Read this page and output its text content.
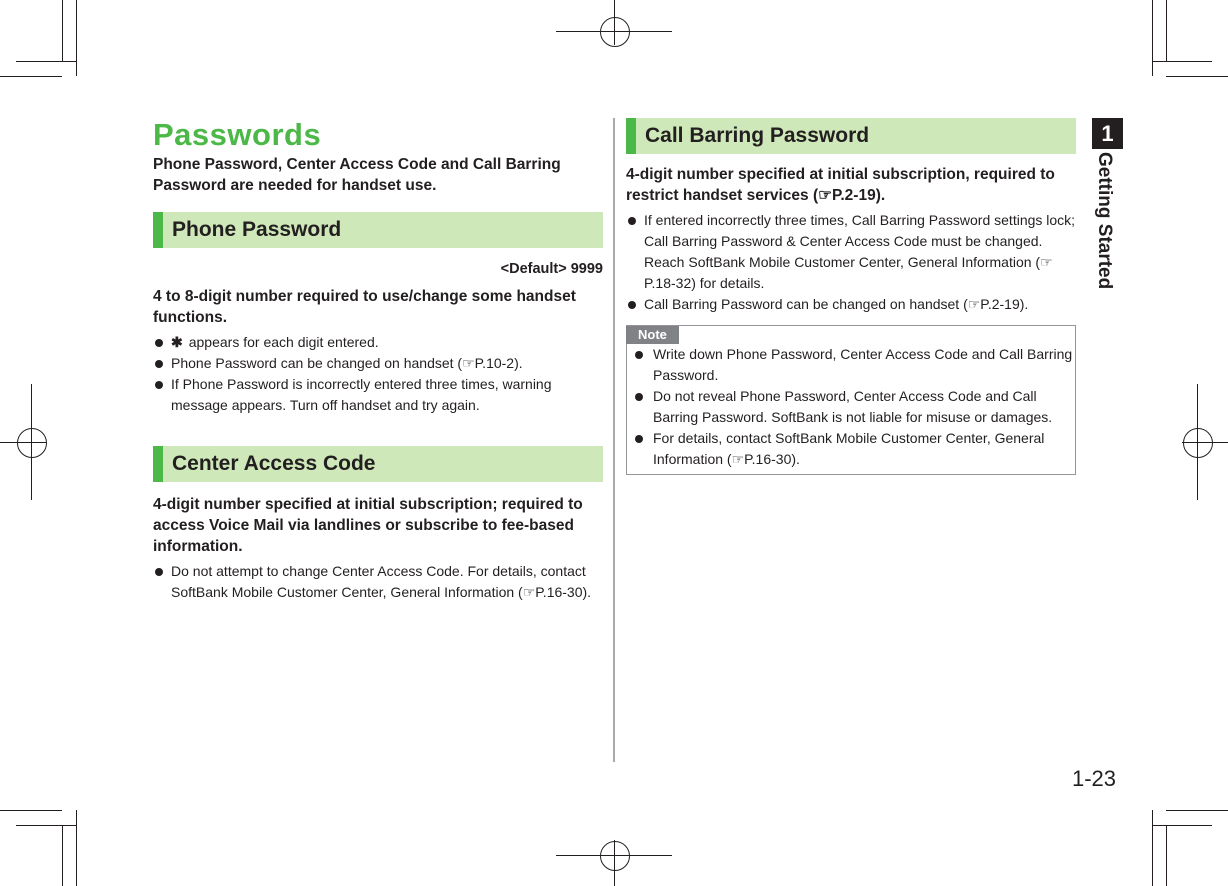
Passwords

Phone Password, Center Access Code and Call Barring Password are needed for handset use.

Phone Password
<Default> 9999

4 to 8-digit number required to use/change some handset functions.

✱ appears for each digit entered.
Phone Password can be changed on handset (☞P.10-2).
If Phone Password is incorrectly entered three times, warning message appears. Turn off handset and try again.
Center Access Code

4-digit number specified at initial subscription; required to access Voice Mail via landlines or subscribe to fee-based information.

Do not attempt to change Center Access Code. For details, contact SoftBank Mobile Customer Center, General Information (☞P.16-30).
Call Barring Password

4-digit number specified at initial subscription, required to restrict handset services (☞P.2-19).

If entered incorrectly three times, Call Barring Password settings lock; Call Barring Password & Center Access Code must be changed. Reach SoftBank Mobile Customer Center, General Information (☞P.18-32) for details.
Call Barring Password can be changed on handset (☞P.2-19).
Note
Write down Phone Password, Center Access Code and Call Barring Password.
Do not reveal Phone Password, Center Access Code and Call Barring Password. SoftBank is not liable for misuse or damages.
For details, contact SoftBank Mobile Customer Center, General Information (☞P.16-30).
1
Getting Started
1-23
